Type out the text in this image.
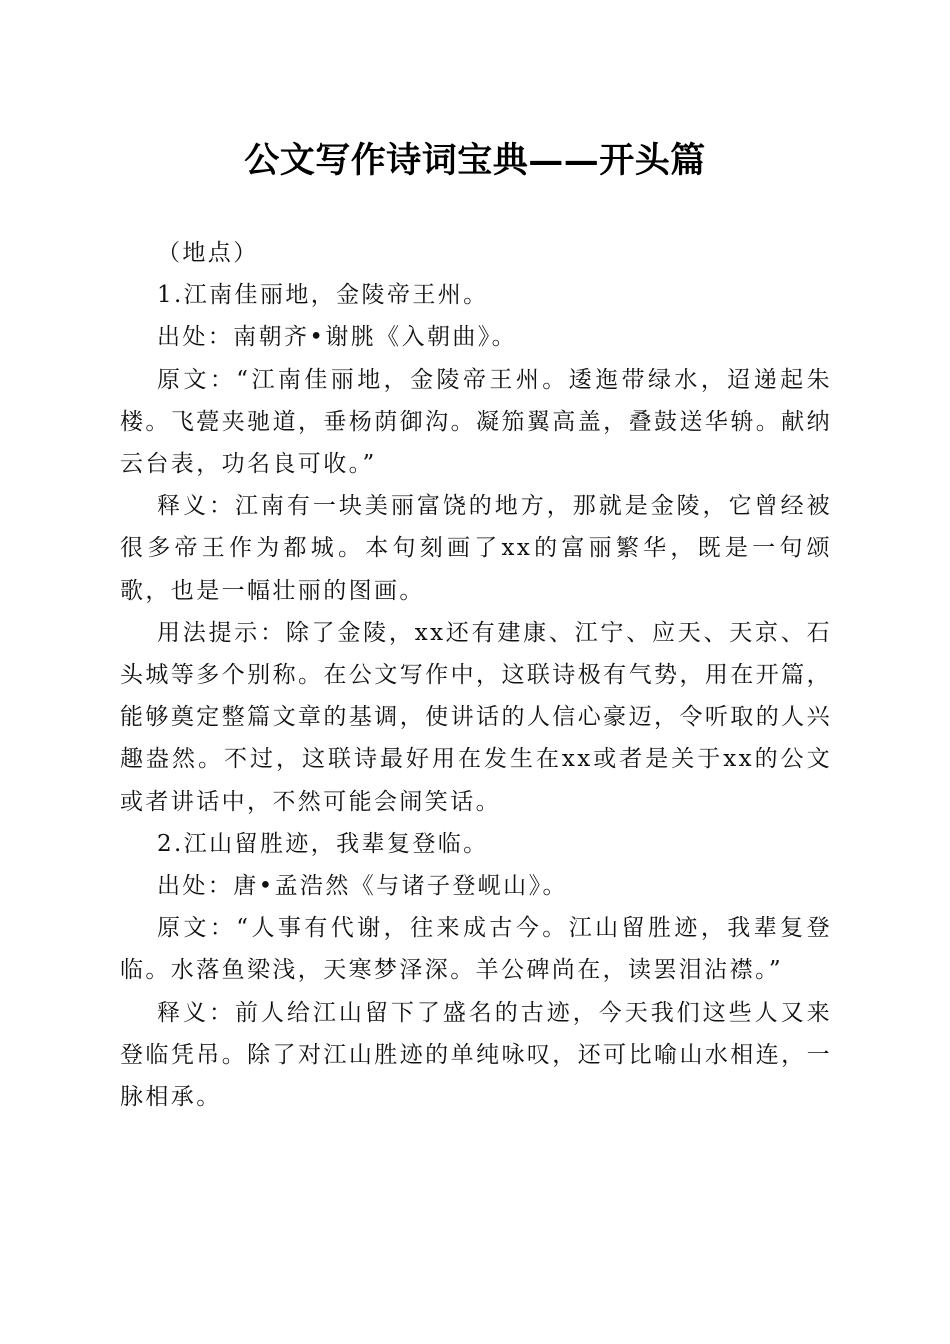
公文写作诗词宝典——开头篇

（地点）

1.江南佳丽地，金陵帝王州。

出处：南朝齐•谢朓《入朝曲》。

原文：“江南佳丽地，金陵帝王州。逶迤带绿水，迢递起朱楼。飞甍夹驰道，垂杨荫御沟。凝笳翼高盖，叠鼓送华辀。献纳云台表，功名良可收。”

释义：江南有一块美丽富饶的地方，那就是金陵，它曾经被很多帝王作为都城。本句刻画了xx的富丽繁华，既是一句颂歌，也是一幅壮丽的图画。

用法提示：除了金陵，xx还有建康、江宁、应天、天京、石头城等多个别称。在公文写作中，这联诗极有气势，用在开篇，能够奠定整篇文章的基调，使讲话的人信心豪迈，令听取的人兴趣盎然。不过，这联诗最好用在发生在xx或者是关于xx的公文或者讲话中，不然可能会闹笑话。

2.江山留胜迹，我辈复登临。

出处：唐•孟浩然《与诸子登岘山》。

原文：“人事有代谢，往来成古今。江山留胜迹，我辈复登临。水落鱼梁浅，天寒梦泽深。羊公碑尚在，读罢泪沾襟。”

释义：前人给江山留下了盛名的古迹，今天我们这些人又来登临凭吊。除了对江山胜迹的单纯咏叹，还可比喻山水相连，一脉相承。
